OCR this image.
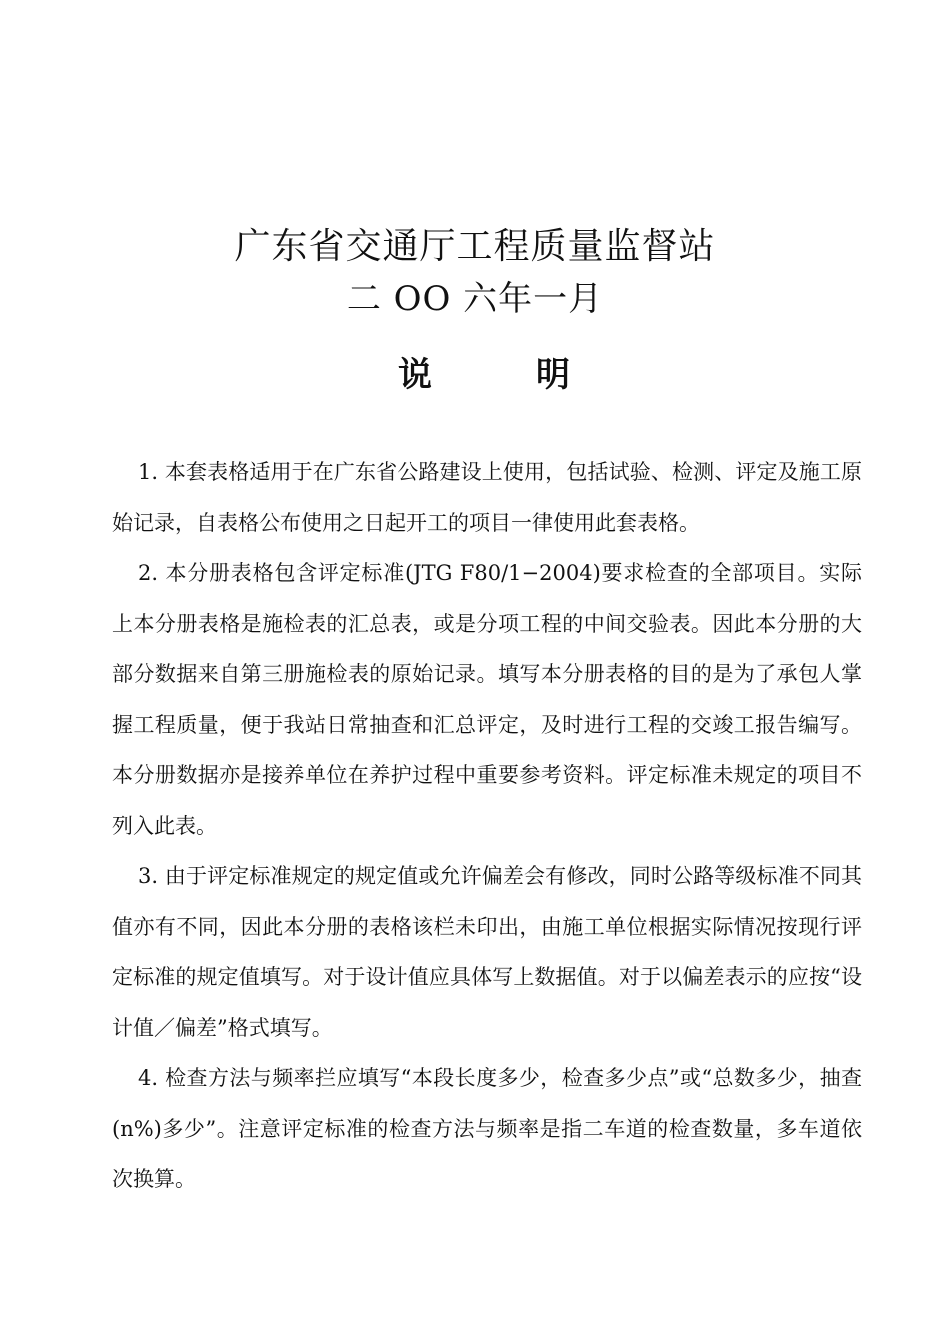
广东省交通厅工程质量监督站
二 OO 六年一月
说	明

1. 本套表格适用于在广东省公路建设上使用，包括试验、检测、评定及施工原始记录，自表格公布使用之日起开工的项目一律使用此套表格。

2. 本分册表格包含评定标准(JTG F80/1−2004)要求检查的全部项目。实际上本分册表格是施检表的汇总表，或是分项工程的中间交验表。因此本分册的大部分数据来自第三册施检表的原始记录。填写本分册表格的目的是为了承包人掌握工程质量，便于我站日常抽查和汇总评定，及时进行工程的交竣工报告编写。本分册数据亦是接养单位在养护过程中重要参考资料。评定标准未规定的项目不列入此表。

3. 由于评定标准规定的规定值或允许偏差会有修改，同时公路等级标准不同其值亦有不同，因此本分册的表格该栏未印出，由施工单位根据实际情况按现行评定标准的规定值填写。对于设计值应具体写上数据值。对于以偏差表示的应按“设计值／偏差”格式填写。

4. 检查方法与频率拦应填写“本段长度多少，检查多少点”或“总数多少，抽查(n%)多少”。注意评定标准的检查方法与频率是指二车道的检查数量，多车道依次换算。
